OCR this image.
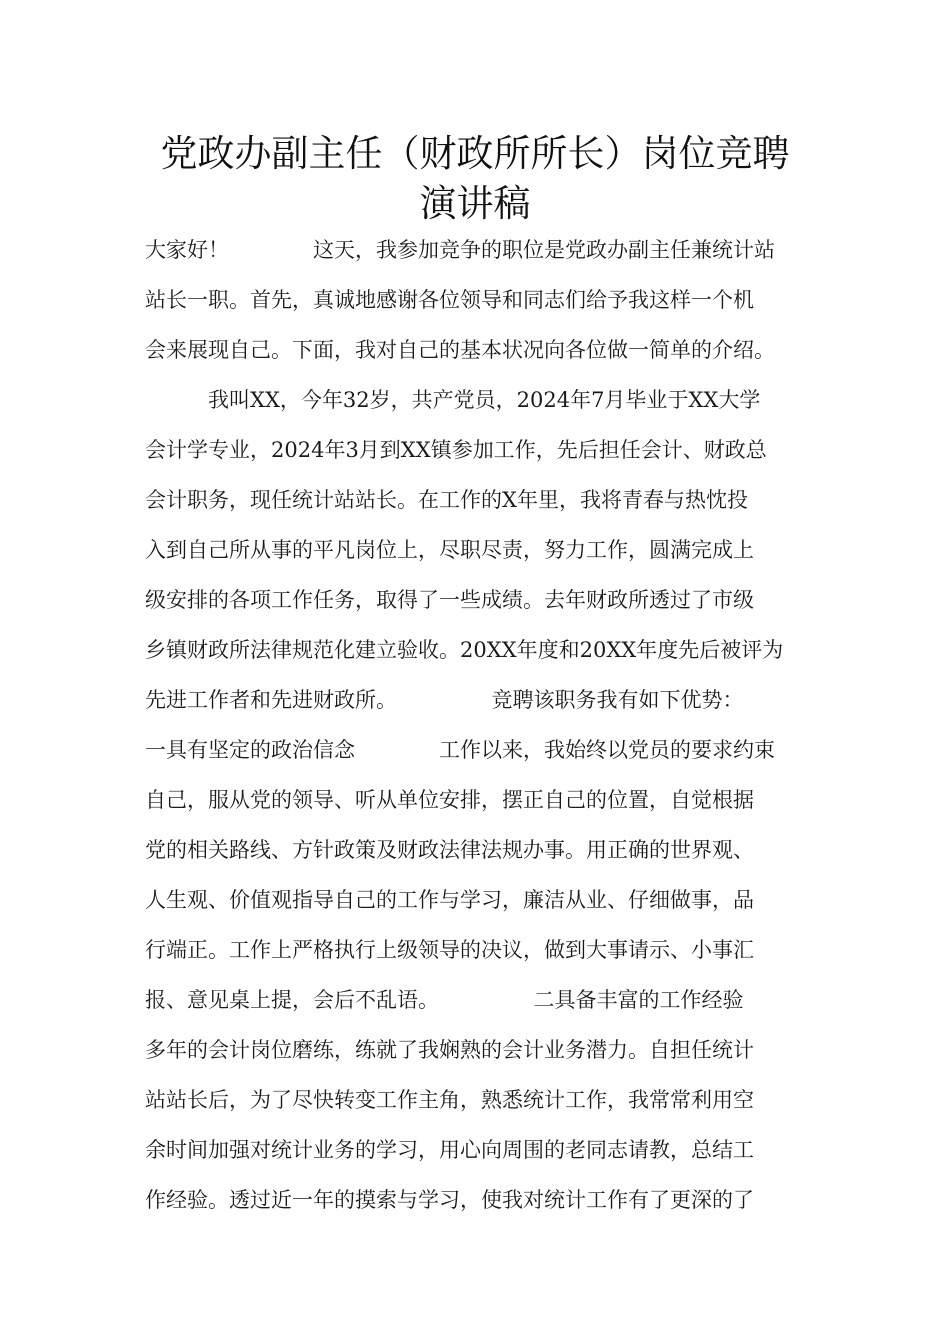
党政办副主任（财政所所长）岗位竞聘
演讲稿

大家好！　　　　这天，我参加竞争的职位是党政办副主任兼统计站

站长一职。首先，真诚地感谢各位领导和同志们给予我这样一个机

会来展现自己。下面，我对自己的基本状况向各位做一简单的介绍。

　　　我叫XX，今年32岁，共产党员，2024年7月毕业于XX大学

会计学专业，2024年3月到XX镇参加工作，先后担任会计、财政总

会计职务，现任统计站站长。在工作的X年里，我将青春与热忱投

入到自己所从事的平凡岗位上，尽职尽责，努力工作，圆满完成上

级安排的各项工作任务，取得了一些成绩。去年财政所透过了市级

乡镇财政所法律规范化建立验收。20XX年度和20XX年度先后被评为

先进工作者和先进财政所。　　　　　竞聘该职务我有如下优势：

一具有坚定的政治信念　　　　工作以来，我始终以党员的要求约束

自己，服从党的领导、听从单位安排，摆正自己的位置，自觉根据

党的相关路线、方针政策及财政法律法规办事。用正确的世界观、

人生观、价值观指导自己的工作与学习，廉洁从业、仔细做事，品

行端正。工作上严格执行上级领导的决议，做到大事请示、小事汇

报、意见桌上提，会后不乱语。　　　　　二具备丰富的工作经验

多年的会计岗位磨练，练就了我娴熟的会计业务潜力。自担任统计

站站长后，为了尽快转变工作主角，熟悉统计工作，我常常利用空

余时间加强对统计业务的学习，用心向周围的老同志请教，总结工

作经验。透过近一年的摸索与学习，使我对统计工作有了更深的了
